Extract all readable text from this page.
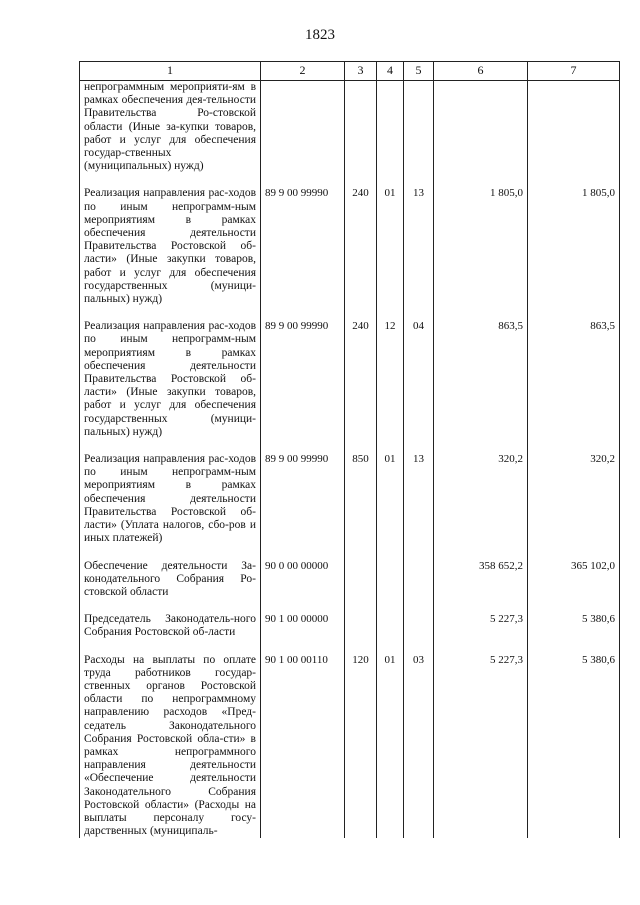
1823
1	2	3	4	5	6	7
непрограммным мероприяти-ям в рамках обеспечения дея-тельности Правительства Ро-стовской области (Иные за-купки товаров, работ и услуг для обеспечения государ-ственных (муниципальных) нужд)						
Реализация направления рас-ходов по иным непрограмм-ным мероприятиям в рамках обеспечения деятельности Правительства Ростовской об-ласти» (Иные закупки товаров, работ и услуг для обеспечения государственных (муници-пальных) нужд)	89 9 00 99990	240	01	13	1 805,0	1 805,0
Реализация направления рас-ходов по иным непрограмм-ным мероприятиям в рамках обеспечения деятельности Правительства Ростовской об-ласти» (Иные закупки товаров, работ и услуг для обеспечения государственных (муници-пальных) нужд)	89 9 00 99990	240	12	04	863,5	863,5
Реализация направления рас-ходов по иным непрограмм-ным мероприятиям в рамках обеспечения деятельности Правительства Ростовской об-ласти» (Уплата налогов, сбо-ров и иных платежей)	89 9 00 99990	850	01	13	320,2	320,2
Обеспечение деятельности За-конодательного Собрания Ро-стовской области	90 0 00 00000				358 652,2	365 102,0
Председатель Законодатель-ного Собрания Ростовской об-ласти	90 1 00 00000				5 227,3	5 380,6
Расходы на выплаты по оплате труда работников государ-ственных органов Ростовской области по непрограммному направлению расходов «Пред-седатель Законодательного Собрания Ростовской обла-сти» в рамках непрограммного направления деятельности «Обеспечение деятельности Законодательного Собрания Ростовской области» (Расходы на выплаты персоналу госу-дарственных (муниципаль-	90 1 00 00110	120	01	03	5 227,3	5 380,6
